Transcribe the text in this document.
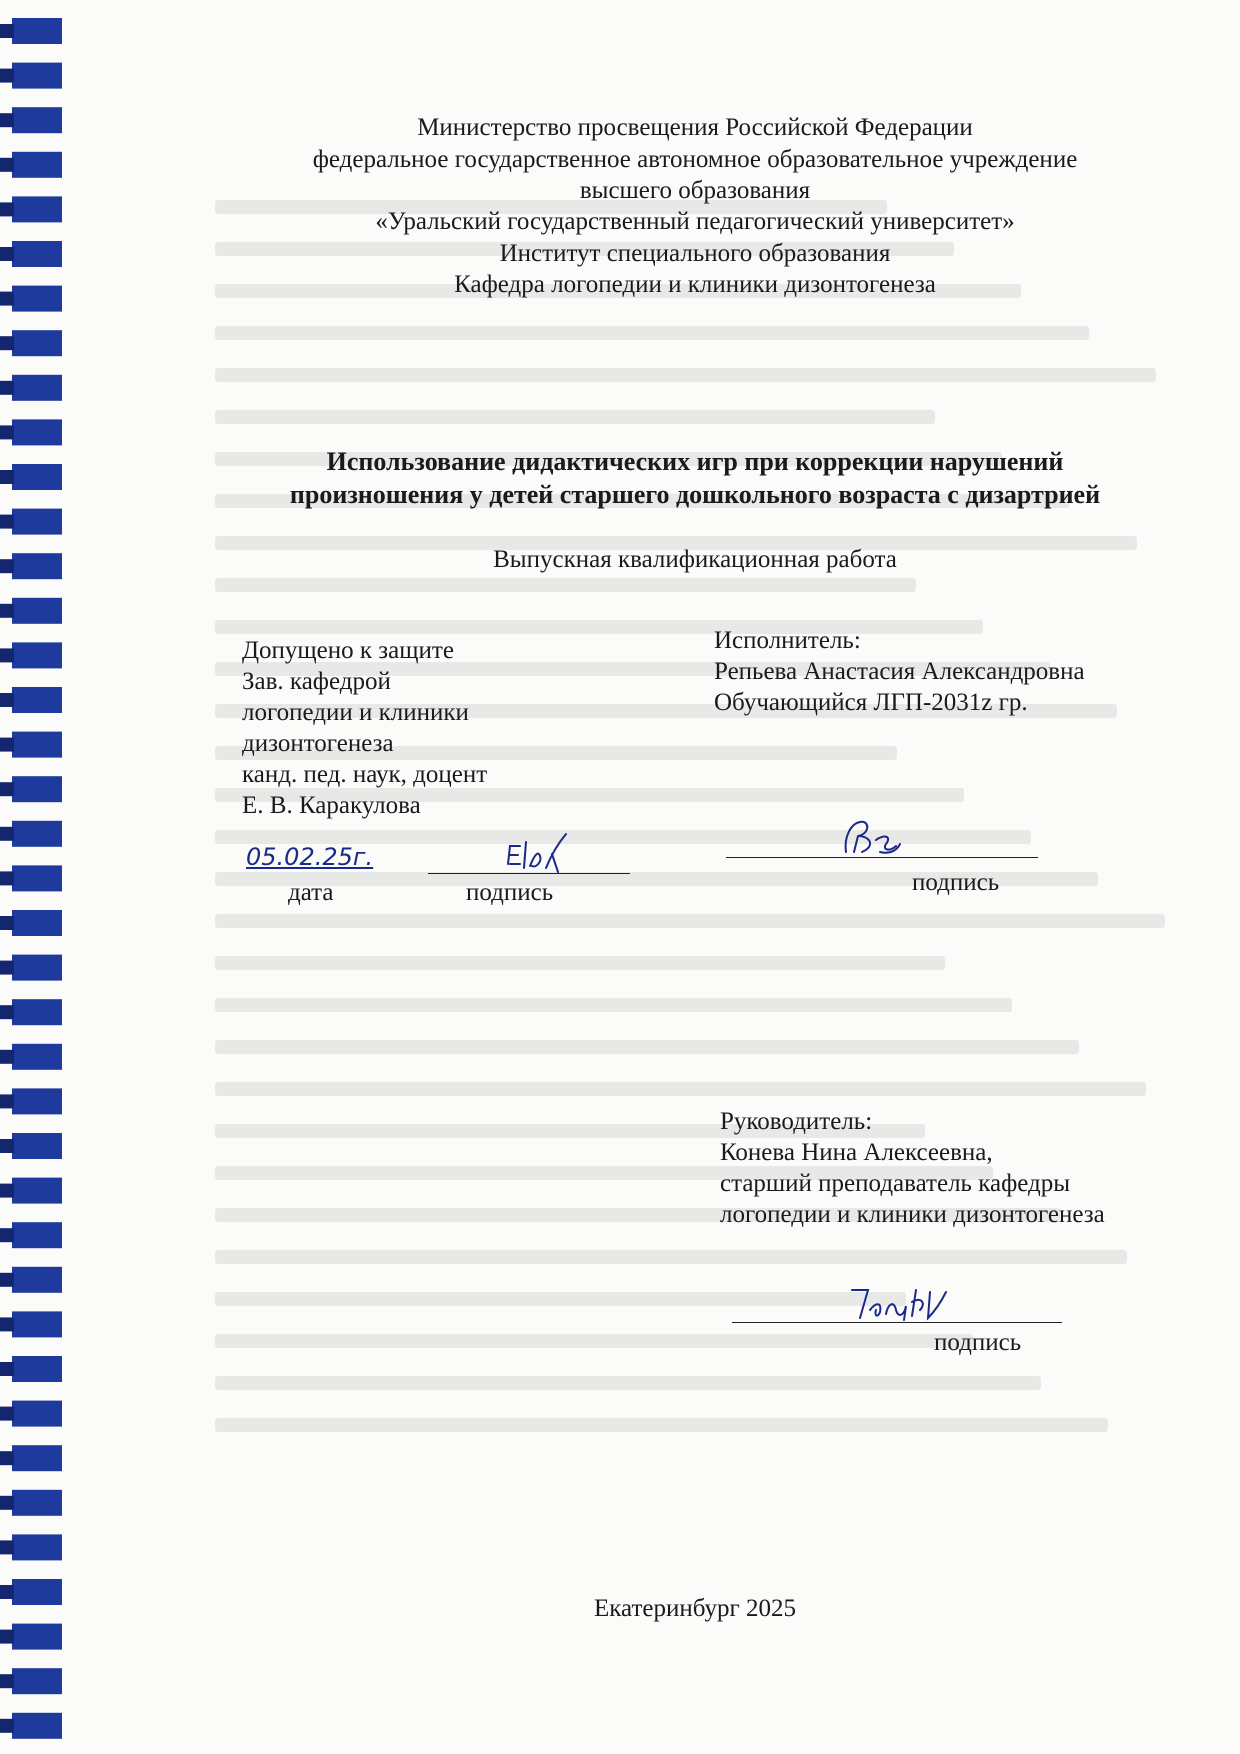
Министерство просвещения Российской Федерации
федеральное государственное автономное образовательное учреждение
высшего образования
«Уральский государственный педагогический университет»
Институт специального образования
Кафедра логопедии и клиники дизонтогенеза
Использование дидактических игр при коррекции нарушений
произношения у детей старшего дошкольного возраста с дизартрией
Выпускная квалификационная работа
Допущено к защите
Зав. кафедрой
логопедии и клиники
дизонтогенеза
канд. пед. наук, доцент
Е. В. Каракулова
05.02.25г.
дата	подпись
Исполнитель:
Репьева Анастасия Александровна
Обучающийся ЛГП-2031z гр.
подпись
Руководитель:
Конева Нина Алексеевна,
старший преподаватель кафедры
логопедии и клиники дизонтогенеза
подпись
Екатеринбург 2025
